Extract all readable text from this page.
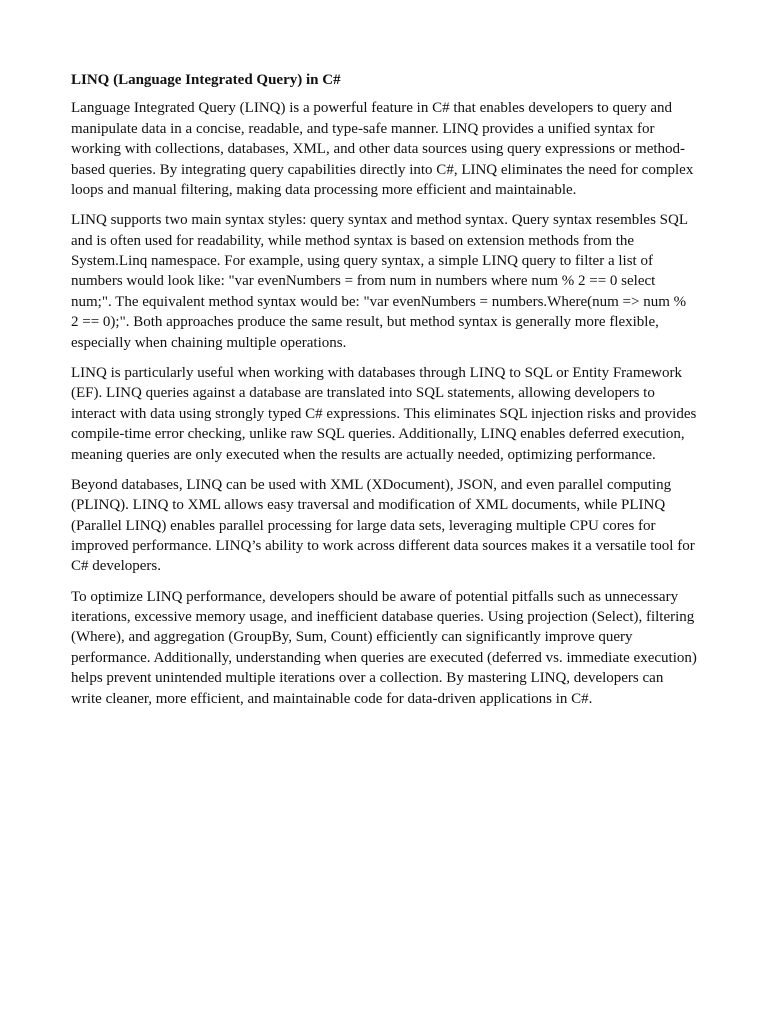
LINQ (Language Integrated Query) in C#

Language Integrated Query (LINQ) is a powerful feature in C# that enables developers to query and manipulate data in a concise, readable, and type-safe manner. LINQ provides a unified syntax for working with collections, databases, XML, and other data sources using query expressions or method-based queries. By integrating query capabilities directly into C#, LINQ eliminates the need for complex loops and manual filtering, making data processing more efficient and maintainable.

LINQ supports two main syntax styles: query syntax and method syntax. Query syntax resembles SQL and is often used for readability, while method syntax is based on extension methods from the System.Linq namespace. For example, using query syntax, a simple LINQ query to filter a list of numbers would look like: "var evenNumbers = from num in numbers where num % 2 == 0 select num;". The equivalent method syntax would be: "var evenNumbers = numbers.Where(num => num % 2 == 0);". Both approaches produce the same result, but method syntax is generally more flexible, especially when chaining multiple operations.

LINQ is particularly useful when working with databases through LINQ to SQL or Entity Framework (EF). LINQ queries against a database are translated into SQL statements, allowing developers to interact with data using strongly typed C# expressions. This eliminates SQL injection risks and provides compile-time error checking, unlike raw SQL queries. Additionally, LINQ enables deferred execution, meaning queries are only executed when the results are actually needed, optimizing performance.

Beyond databases, LINQ can be used with XML (XDocument), JSON, and even parallel computing (PLINQ). LINQ to XML allows easy traversal and modification of XML documents, while PLINQ (Parallel LINQ) enables parallel processing for large data sets, leveraging multiple CPU cores for improved performance. LINQ’s ability to work across different data sources makes it a versatile tool for C# developers.

To optimize LINQ performance, developers should be aware of potential pitfalls such as unnecessary iterations, excessive memory usage, and inefficient database queries. Using projection (Select), filtering (Where), and aggregation (GroupBy, Sum, Count) efficiently can significantly improve query performance. Additionally, understanding when queries are executed (deferred vs. immediate execution) helps prevent unintended multiple iterations over a collection. By mastering LINQ, developers can write cleaner, more efficient, and maintainable code for data-driven applications in C#.
